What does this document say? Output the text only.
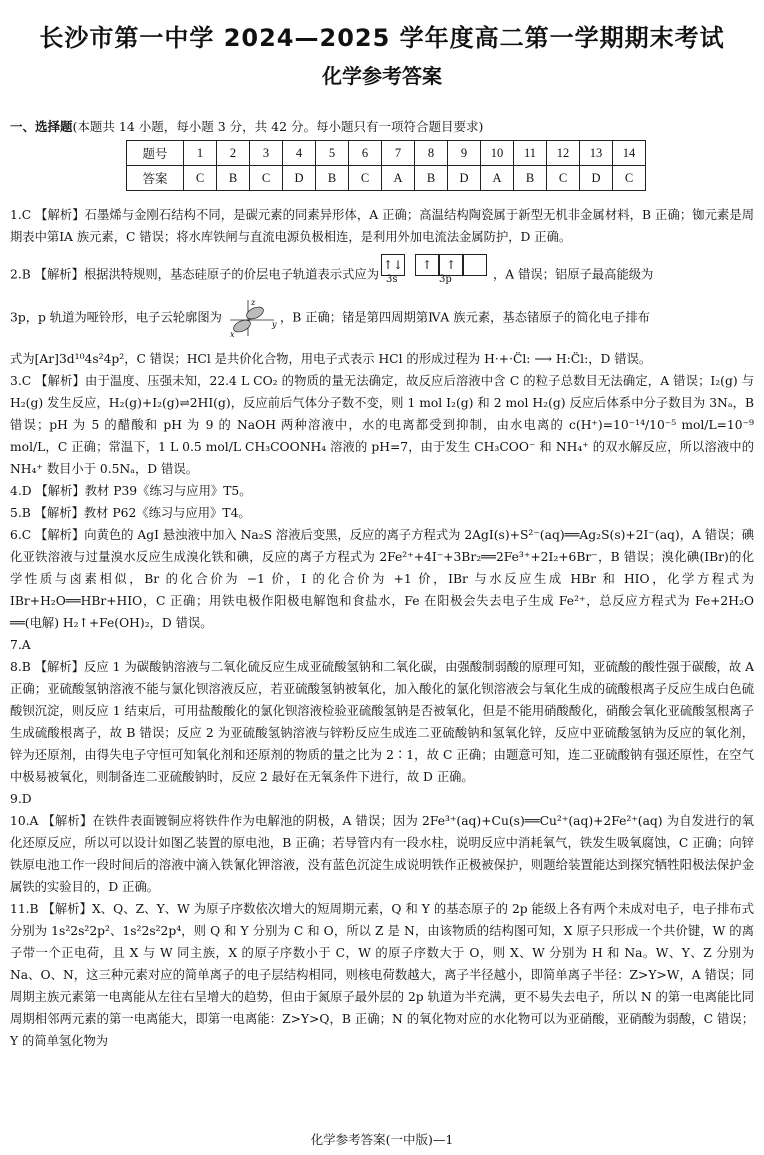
长沙市第一中学 2024—2025 学年度高二第一学期期末考试
化学参考答案
一、选择题(本题共 14 小题，每小题 3 分，共 42 分。每小题只有一项符合题目要求)
题号	1	2	3	4	5	6	7	8	9	10	11	12	13	14
答案	C	B	C	D	B	C	A	B	D	A	B	C	D	C

1.C 【解析】石墨烯与金刚石结构不同，是碳元素的同素异形体，A 正确；高温结构陶瓷属于新型无机非金属材料，B 正确；铷元素是周期表中第ⅠA 族元素，C 错误；将水库铁闸与直流电源负极相连，是利用外加电流法金属防护，D 正确。

2.B 【解析】根据洪特规则，基态硅原子的价层电子轨道表示式应为↑↓ ↑ ↑
3s	3p	，A 错误；铝原子最高能级为

3p，p 轨道为哑铃形，电子云轮廓图为
z
y
x
，B 正确；锗是第四周期第ⅣA 族元素，基态锗原子的简化电子排布

式为[Ar]3d¹⁰4s²4p²，C 错误；HCl 是共价化合物，用电子式表示 HCl 的形成过程为 H·+·C̈l: ⟶ H:C̈l:，D 错误。

3.C 【解析】由于温度、压强未知，22.4 L CO₂ 的物质的量无法确定，故反应后溶液中含 C 的粒子总数目无法确定，A 错误；I₂(g) 与 H₂(g) 发生反应，H₂(g)+I₂(g)⇌2HI(g)，反应前后气体分子数不变，则 1 mol I₂(g) 和 2 mol H₂(g) 反应后体系中分子数目为 3Nₐ，B 错误；pH 为 5 的醋酸和 pH 为 9 的 NaOH 两种溶液中，水的电离都受到抑制，由水电离的 c(H⁺)=10⁻¹⁴/10⁻⁵ mol/L=10⁻⁹ mol/L，C 正确；常温下，1 L 0.5 mol/L CH₃COONH₄ 溶液的 pH=7，由于发生 CH₃COO⁻ 和 NH₄⁺ 的双水解反应，所以溶液中的 NH₄⁺ 数目小于 0.5Nₐ，D 错误。

4.D 【解析】教材 P39《练习与应用》T5。

5.B 【解析】教材 P62《练习与应用》T4。

6.C 【解析】向黄色的 AgI 悬浊液中加入 Na₂S 溶液后变黑，反应的离子方程式为 2AgI(s)+S²⁻(aq)══Ag₂S(s)+2I⁻(aq)，A 错误；碘化亚铁溶液与过量溴水反应生成溴化铁和碘，反应的离子方程式为 2Fe²⁺+4I⁻+3Br₂══2Fe³⁺+2I₂+6Br⁻，B 错误；溴化碘(IBr)的化学性质与卤素相似，Br 的化合价为 −1 价，I 的化合价为 +1 价，IBr 与水反应生成 HBr 和 HIO，化学方程式为 IBr+H₂O══HBr+HIO，C 正确；用铁电极作阳极电解饱和食盐水，Fe 在阳极会失去电子生成 Fe²⁺，总反应方程式为 Fe+2H₂O ══(电解) H₂↑+Fe(OH)₂，D 错误。

7.A

8.B 【解析】反应 1 为碳酸钠溶液与二氧化硫反应生成亚硫酸氢钠和二氧化碳，由强酸制弱酸的原理可知，亚硫酸的酸性强于碳酸，故 A 正确；亚硫酸氢钠溶液不能与氯化钡溶液反应，若亚硫酸氢钠被氧化，加入酸化的氯化钡溶液会与氧化生成的硫酸根离子反应生成白色硫酸钡沉淀，则反应 1 结束后，可用盐酸酸化的氯化钡溶液检验亚硫酸氢钠是否被氧化，但是不能用硝酸酸化，硝酸会氧化亚硫酸氢根离子生成硫酸根离子，故 B 错误；反应 2 为亚硫酸氢钠溶液与锌粉反应生成连二亚硫酸钠和氢氧化锌，反应中亚硫酸氢钠为反应的氧化剂，锌为还原剂，由得失电子守恒可知氧化剂和还原剂的物质的量之比为 2∶1，故 C 正确；由题意可知，连二亚硫酸钠有强还原性，在空气中极易被氧化，则制备连二亚硫酸钠时，反应 2 最好在无氧条件下进行，故 D 正确。

9.D

10.A 【解析】在铁件表面镀铜应将铁件作为电解池的阴极，A 错误；因为 2Fe³⁺(aq)+Cu(s)══Cu²⁺(aq)+2Fe²⁺(aq) 为自发进行的氧化还原反应，所以可以设计如图乙装置的原电池，B 正确；若导管内有一段水柱，说明反应中消耗氧气，铁发生吸氧腐蚀，C 正确；向锌铁原电池工作一段时间后的溶液中滴入铁氰化钾溶液，没有蓝色沉淀生成说明铁作正极被保护，则题给装置能达到探究牺牲阳极法保护金属铁的实验目的，D 正确。

11.B 【解析】X、Q、Z、Y、W 为原子序数依次增大的短周期元素，Q 和 Y 的基态原子的 2p 能级上各有两个未成对电子，电子排布式分别为 1s²2s²2p²、1s²2s²2p⁴，则 Q 和 Y 分别为 C 和 O，所以 Z 是 N，由该物质的结构图可知，X 原子只形成一个共价键，W 的离子带一个正电荷，且 X 与 W 同主族，X 的原子序数小于 C，W 的原子序数大于 O，则 X、W 分别为 H 和 Na。W、Y、Z 分别为 Na、O、N，这三种元素对应的简单离子的电子层结构相同，则核电荷数越大，离子半径越小，即简单离子半径：Z>Y>W，A 错误；同周期主族元素第一电离能从左往右呈增大的趋势，但由于氮原子最外层的 2p 轨道为半充满，更不易失去电子，所以 N 的第一电离能比同周期相邻两元素的第一电离能大，即第一电离能：Z>Y>Q，B 正确；N 的氧化物对应的水化物可以为亚硝酸，亚硝酸为弱酸，C 错误；Y 的简单氢化物为

化学参考答案(一中版)—1
